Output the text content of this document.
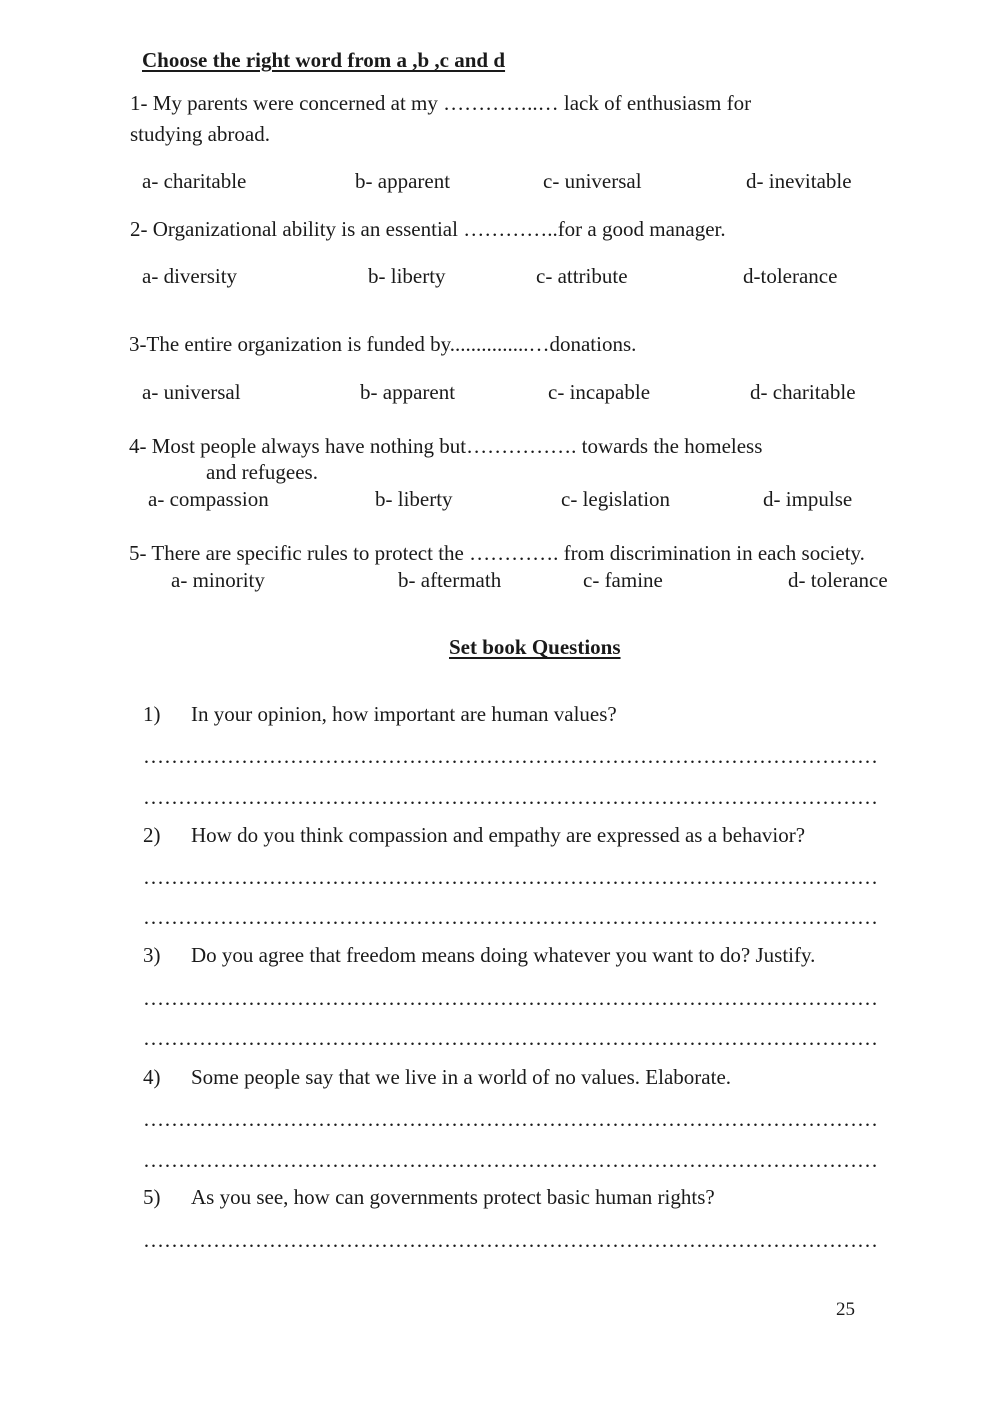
Choose the right word from a ,b ,c and d
1- My parents were concerned at my …………..… lack of enthusiasm for
studying abroad.
a- charitable	b- apparent	c- universal	d- inevitable
2- Organizational ability is an essential …………..for a good manager.
a- diversity	b- liberty	c- attribute	d-tolerance
3-The entire organization is funded by...............…donations.
a- universal	b- apparent	c- incapable	d- charitable
4- Most people always have nothing but……………. towards the homeless
and refugees.
a- compassion	b- liberty	c- legislation	d- impulse
5- There are specific rules to protect the …………. from discrimination in each society.
a- minority	b- aftermath	c- famine	d- tolerance
Set book Questions
1) In your opinion, how important are human values?
……………………………………………………………………………………………
……………………………………………………………………………………………
2) How do you think compassion and empathy are expressed as a behavior?
……………………………………………………………………………………………
……………………………………………………………………………………………
3) Do you agree that freedom means doing whatever you want to do? Justify.
……………………………………………………………………………………………
……………………………………………………………………………………………
4) Some people say that we live in a world of no values. Elaborate.
……………………………………………………………………………………………
……………………………………………………………………………………………
5) As you see, how can governments protect basic human rights?
……………………………………………………………………………………………
25
